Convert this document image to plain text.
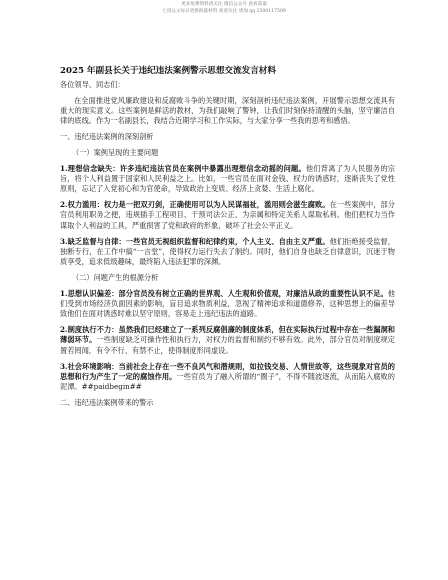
更多免费资料请关注 微信公众号 查看获取
七哥公文每日更新海量材料 欢迎关注 请加 qq 2500117509
2025 年副县长关于违纪违法案例警示思想交流发言材料

各位领导、同志们：

在全面推进党风廉政建设和反腐败斗争的关键时期，深刻剖析违纪违法案例，开展警示思想交流具有重大的现实意义。这些案例是鲜活的教材，为我们敲响了警钟，让我们时刻保持清醒的头脑，坚守廉洁自律的底线。作为一名副县长，我结合近期学习和工作实际，与大家分享一些我的思考和感悟。

一、违纪违法案例的深刻剖析

（一）案例呈现的主要问题

1.理想信念缺失：许多违纪违法官员在案例中暴露出理想信念动摇的问题。他们背离了为人民服务的宗旨，将个人利益置于国家和人民利益之上。比如，一些官员在面对金钱、权力的诱惑时，逐渐丧失了党性原则，忘记了入党初心和为官使命，导致政治上变质、经济上贪婪、生活上腐化。

2.权力滥用：权力是一把双刃剑，正确使用可以为人民谋福祉，滥用则会滋生腐败。在一些案例中，部分官员利用职务之便，违规插手工程项目、干预司法公正、为亲属和特定关系人谋取私利。他们把权力当作谋取个人利益的工具，严重损害了党和政府的形象，破坏了社会公平正义。

3.缺乏监督与自律：一些官员无视组织监督和纪律约束，个人主义、自由主义严重。他们拒绝接受监督，独断专行，在工作中搞“一言堂”，使得权力运行失去了制约。同时，他们自身也缺乏自律意识，沉迷于物质享受，追求低级趣味，最终陷入违法犯罪的深渊。

（二）问题产生的根源分析

1.思想认识偏差：部分官员没有树立正确的世界观、人生观和价值观，对廉洁从政的重要性认识不足。他们受到市场经济负面因素的影响，盲目追求物质利益，忽视了精神追求和道德修养，这种思想上的偏差导致他们在面对诱惑时难以坚守原则，容易走上违纪违法的道路。

2.制度执行不力：虽然我们已经建立了一系列反腐倡廉的制度体系，但在实际执行过程中存在一些漏洞和薄弱环节。一些制度缺乏可操作性和执行力，对权力的监督和制约不够有效。此外，部分官员对制度规定置若罔闻，有令不行、有禁不止，使得制度形同虚设。

3.社会环境影响：当前社会上存在一些不良风气和潜规则，如拉钱交易、人情世故等，这些现象对官员的思想和行为产生了一定的腐蚀作用。一些官员为了融入所谓的“圈子”，不得不随波逐流，从而陷入腐败的泥潭。##paidbegin##

二、违纪违法案例带来的警示
